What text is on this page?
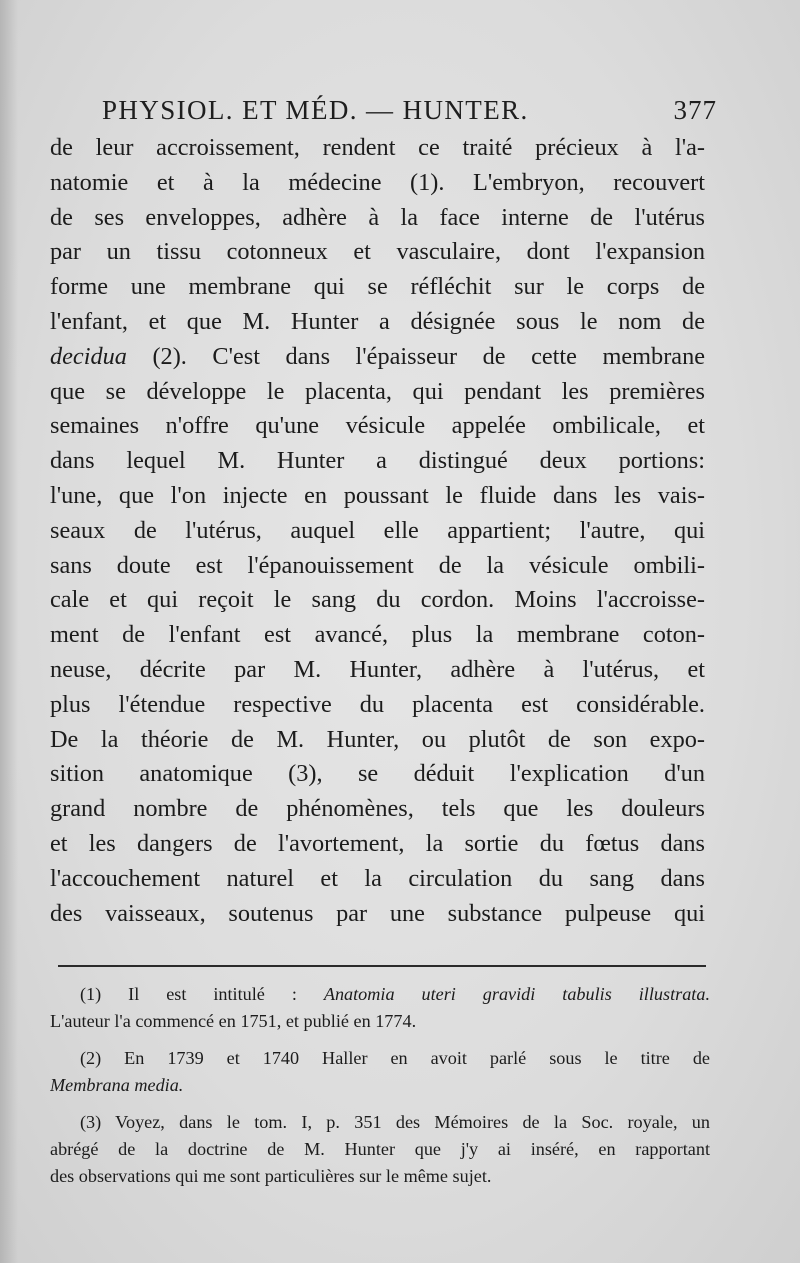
PHYSIOL. ET MÉD. — HUNTER.	377
de leur accroissement, rendent ce traité précieux à l'a-
natomie et à la médecine (1). L'embryon, recouvert
de ses enveloppes, adhère à la face interne de l'utérus
par un tissu cotonneux et vasculaire, dont l'expansion
forme une membrane qui se réfléchit sur le corps de
l'enfant, et que M. Hunter a désignée sous le nom de
decidua (2). C'est dans l'épaisseur de cette membrane
que se développe le placenta, qui pendant les premières
semaines n'offre qu'une vésicule appelée ombilicale, et
dans lequel M. Hunter a distingué deux portions:
l'une, que l'on injecte en poussant le fluide dans les vais-
seaux de l'utérus, auquel elle appartient; l'autre, qui
sans doute est l'épanouissement de la vésicule ombili-
cale et qui reçoit le sang du cordon. Moins l'accroisse-
ment de l'enfant est avancé, plus la membrane coton-
neuse, décrite par M. Hunter, adhère à l'utérus, et
plus l'étendue respective du placenta est considérable.
De la théorie de M. Hunter, ou plutôt de son expo-
sition anatomique (3), se déduit l'explication d'un
grand nombre de phénomènes, tels que les douleurs
et les dangers de l'avortement, la sortie du fœtus dans
l'accouchement naturel et la circulation du sang dans
des vaisseaux, soutenus par une substance pulpeuse qui
(1) Il est intitulé : Anatomia uteri gravidi tabulis illustrata.
L'auteur l'a commencé en 1751, et publié en 1774.
(2) En 1739 et 1740 Haller en avoit parlé sous le titre de
Membrana media.
(3) Voyez, dans le tom. I, p. 351 des Mémoires de la Soc. royale, un
abrégé de la doctrine de M. Hunter que j'y ai inséré, en rapportant
des observations qui me sont particulières sur le même sujet.
